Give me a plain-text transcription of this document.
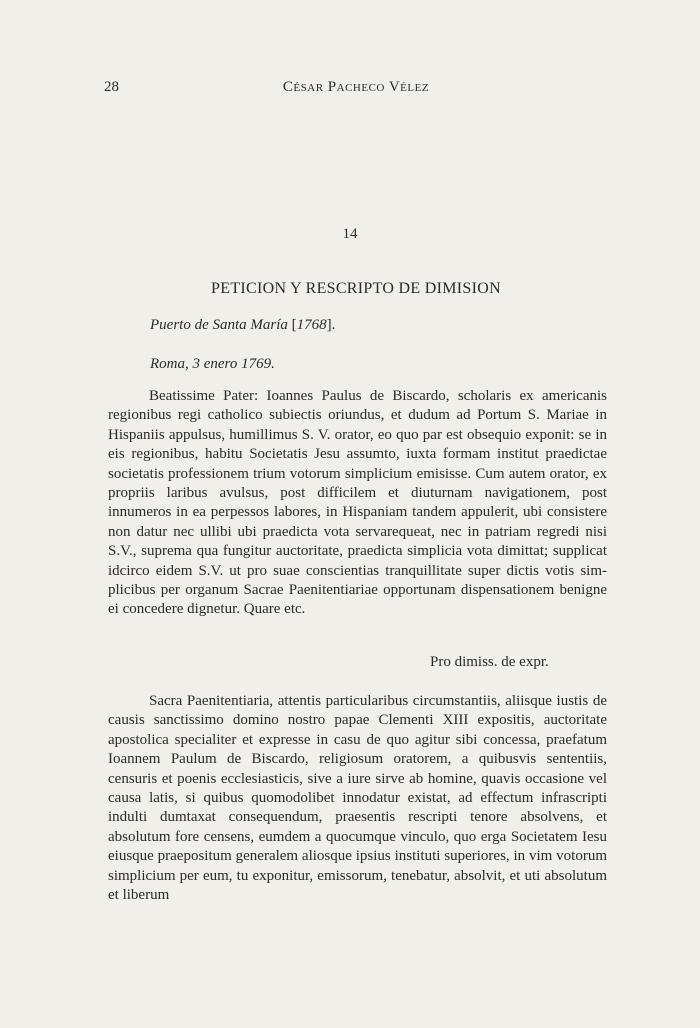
28	César Pacheco Vélez
14
PETICION Y RESCRIPTO DE DIMISION
Puerto de Santa María [1768].
Roma, 3 enero 1769.

Beatissime Pater: Ioannes Paulus de Biscardo, scholaris ex americanis regionibus regi catholico subiectis oriundus, et dudum ad Portum S. Mariae in Hispaniis appulsus, humillimus S. V. orator, eo quo par est obsequio exponit: se in eis regionibus, habitu Societatis Jesu assumto, iuxta formam institut praedictae societatis professionem trium votorum simplicium emisisse. Cum autem orator, ex propriis laribus avulsus, post difficilem et diuturnam navigationem, post innumeros in ea perpessos labores, in Hispaniam tandem appulerit, ubi consistere non datur nec ullibi ubi praedicta vota servarequeat, nec in patriam regredi nisi S.V., suprema qua fungitur auctoritate, praedicta simplicia vota dimittat; supplicat idcirco eidem S.V. ut pro suae conscientias tranquillitate super dictis votis simplicibus per organum Sacrae Paenitentiariae opportunam dispensationem benigne ei concedere dignetur. Quare etc.

Pro dimiss. de expr.

Sacra Paenitentiaria, attentis particularibus circumstantiis, aliisque iustis de causis sanctissimo domino nostro papae Clementi XIII expositis, auctoritate apostolica specialiter et expresse in casu de quo agitur sibi concessa, praefatum Ioannem Paulum de Biscardo, religiosum oratorem, a quibusvis sententiis, censuris et poenis ecclesiasticis, sive a iure sirve ab homine, quavis occasione vel causa latis, si quibus quomodolibet innodatur existat, ad effectum infrascripti indulti dumtaxat consequendum, praesentis rescripti tenore absolvens, et absolutum fore censens, eumdem a quocumque vinculo, quo erga Societatem Iesu eiusque praepositum generalem aliosque ipsius instituti superiores, in vim votorum simplicium per eum, tu exponitur, emissorum, tenebatur, absolvit, et uti absolutum et liberum
